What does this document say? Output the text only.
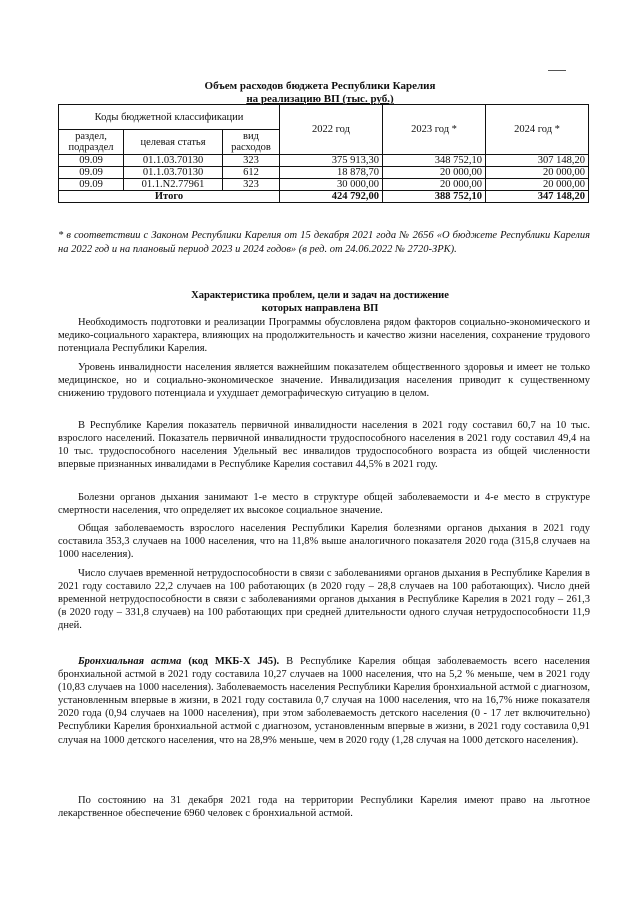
Объем расходов бюджета Республики Карелия
на реализацию ВП (тыс. руб.)
Коды бюджетной классификации			2022 год	2023 год *	2024 год *
раздел, подраздел	целевая статья	вид расходов			
09.09	01.1.03.70130	323	375 913,30	348 752,10	307 148,20
09.09	01.1.03.70130	612	18 878,70	20 000,00	20 000,00
09.09	01.1.N2.77961	323	30 000,00	20 000,00	20 000,00
Итого			424 792,00	388 752,10	347 148,20
* в соответствии с Законом Республики Карелия от 15 декабря 2021 года № 2656 «О бюджете Республики Карелия на 2022 год и на плановый период 2023 и 2024 годов» (в ред. от 24.06.2022 № 2720-ЗРК).
Характеристика проблем, цели и задач на достижение
которых направлена ВП

Необходимость подготовки и реализации Программы обусловлена рядом факторов социально-экономического и медико-социального характера, влияющих на продолжительность и качество жизни населения, сохранение трудового потенциала Республики Карелия.

Уровень инвалидности населения является важнейшим показателем общественного здоровья и имеет не только медицинское, но и социально-экономическое значение. Инвалидизация населения приводит к существенному снижению трудового потенциала и ухудшает демографическую ситуацию в целом.

В Республике Карелия показатель первичной инвалидности населения в 2021 году составил 60,7 на 10 тыс. взрослого населений. Показатель первичной инвалидности трудоспособного населения в 2021 году составил 49,4 на 10 тыс. трудоспособного населения Удельный вес инвалидов трудоспособного возраста из общей численности впервые признанных инвалидами в Республике Карелия составил 44,5% в 2021 году.

Болезни органов дыхания занимают 1-е место в структуре общей заболеваемости и 4-е место в структуре смертности населения, что определяет их высокое социальное значение.

Общая заболеваемость взрослого населения Республики Карелия болезнями органов дыхания в 2021 году составила 353,3 случаев на 1000 населения, что на 11,8% выше аналогичного показателя 2020 года (315,8 случаев на 1000 населения).

Число случаев временной нетрудоспособности в связи с заболеваниями органов дыхания в Республике Карелия в 2021 году составило 22,2 случаев на 100 работающих (в 2020 году – 28,8 случаев на 100 работающих). Число дней временной нетрудоспособности в связи с заболеваниями органов дыхания в Республике Карелия в 2021 году – 261,3 (в 2020 году – 331,8 случаев) на 100 работающих при средней длительности одного случая нетрудоспособности 11,9 дней.

Бронхиальная астма (код МКБ-Х J45). В Республике Карелия общая заболеваемость всего населения бронхиальной астмой в 2021 году составила 10,27 случаев на 1000 населения, что на 5,2 % меньше, чем в 2021 году (10,83 случаев на 1000 населения). Заболеваемость населения Республики Карелия бронхиальной астмой с диагнозом, установленным впервые в жизни, в 2021 году составила 0,7 случая на 1000 населения, что на 16,7% ниже показателя 2020 года (0,94 случаев на 1000 населения), при этом заболеваемость детского населения (0 - 17 лет включительно) Республики Карелия бронхиальной астмой с диагнозом, установленным впервые в жизни, в 2021 году составила 0,91 случая на 1000 детского населения, что на 28,9% меньше, чем в 2020 году (1,28 случая на 1000 детского населения).

По состоянию на 31 декабря 2021 года на территории Республики Карелия имеют право на льготное лекарственное обеспечение 6960 человек с бронхиальной астмой.
